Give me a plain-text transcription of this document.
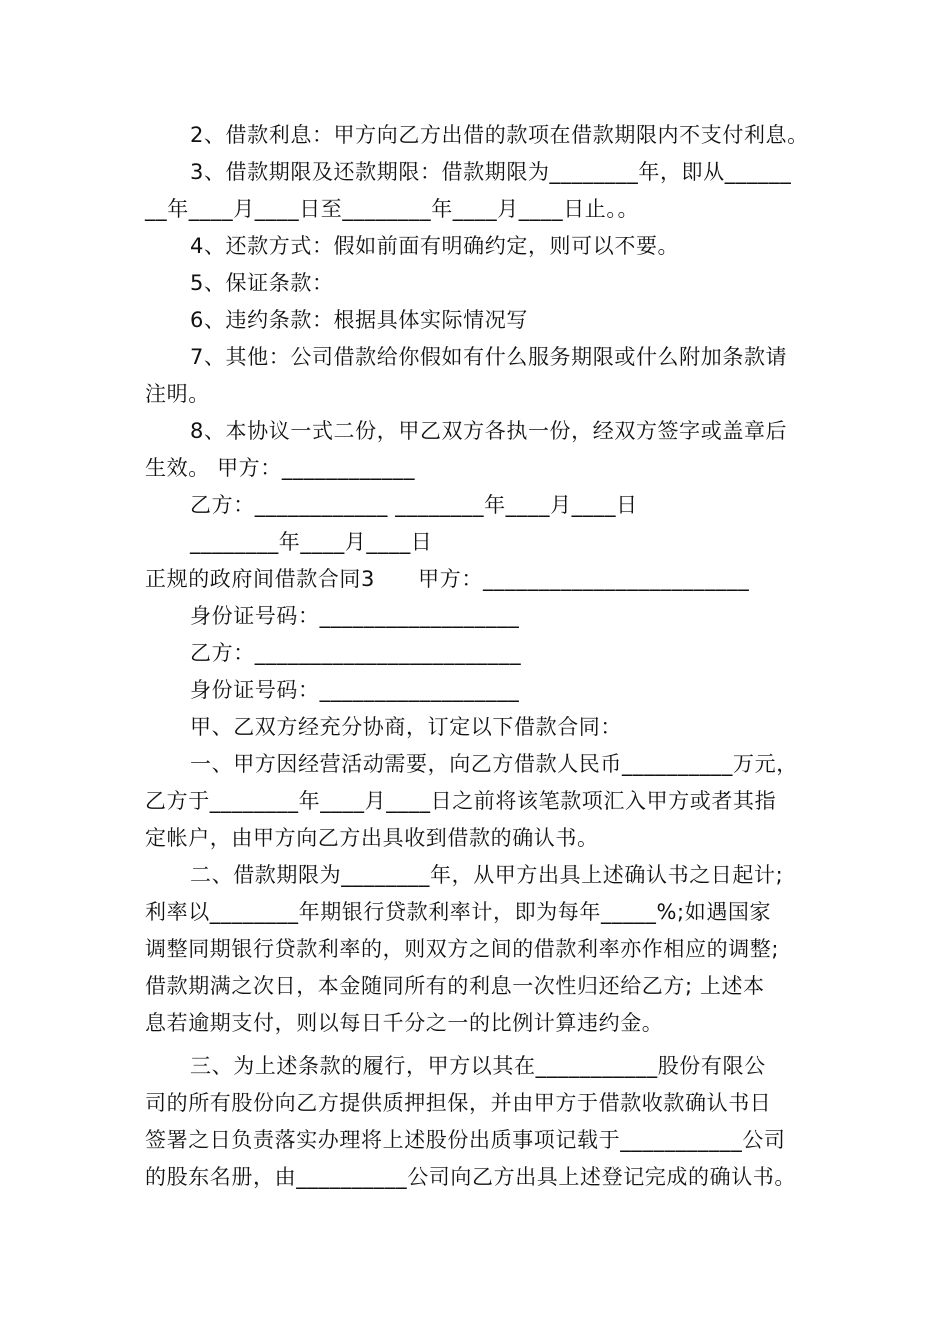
2、借款利息：甲方向乙方出借的款项在借款期限内不支付利息。
3、借款期限及还款期限：借款期限为________年，即从______
__年____月____日至________年____月____日止。。
4、还款方式：假如前面有明确约定，则可以不要。
5、保证条款：
6、违约条款：根据具体实际情况写
7、其他：公司借款给你假如有什么服务期限或什么附加条款请
注明。
8、本协议一式二份，甲乙双方各执一份，经双方签字或盖章后
生效。 甲方：____________
乙方：____________ ________年____月____日
________年____月____日
正规的政府间借款合同3　　甲方：________________________
身份证号码：__________________
乙方：________________________
身份证号码：__________________
甲、乙双方经充分协商，订定以下借款合同：
一、甲方因经营活动需要，向乙方借款人民币__________万元，
乙方于________年____月____日之前将该笔款项汇入甲方或者其指
定帐户，由甲方向乙方出具收到借款的确认书。
二、借款期限为________年，从甲方出具上述确认书之日起计;
利率以________年期银行贷款利率计，即为每年_____%;如遇国家
调整同期银行贷款利率的，则双方之间的借款利率亦作相应的调整;
借款期满之次日，本金随同所有的利息一次性归还给乙方; 上述本
息若逾期支付，则以每日千分之一的比例计算违约金。
三、为上述条款的履行，甲方以其在___________股份有限公
司的所有股份向乙方提供质押担保，并由甲方于借款收款确认书日
签署之日负责落实办理将上述股份出质事项记载于___________公司
的股东名册，由__________公司向乙方出具上述登记完成的确认书。
